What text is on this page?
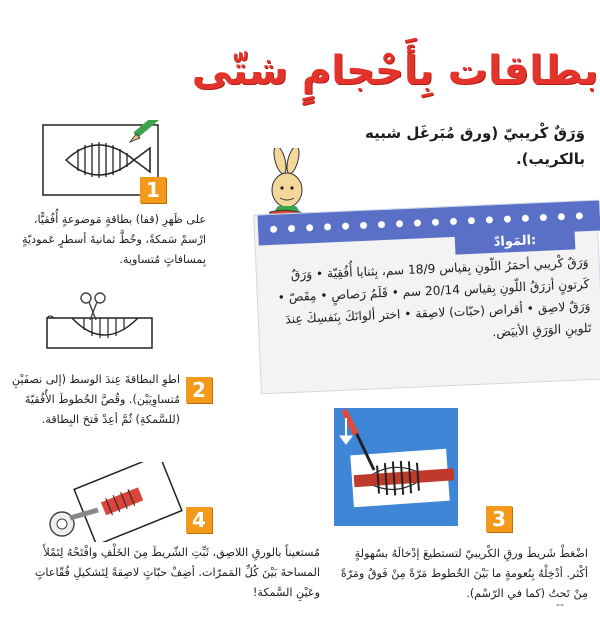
بطاقات بِأَحْجامٍ شتّى
وَرَقٌ كْريبيّ (ورق مُبَرغَل شبيه بالكريب).
1
على ظَهرِ (قفا) بطاقةٍ مَوضوعةٍ أُفُقيًّا، ارْسمْ سَمكةً، وخُطَّ ثمانيةَ أسطرٍ عَموديّةٍ بِمسافاتٍ مُتساوية.
2
اطوِ البطاقةَ عِندَ الوسط (إلى نصفَيْنِ مُتساوِيَيْن). وقُصَّ الخُطوطَ الأُفُقيّةَ (للسَّمكةِ) ثُمَّ أعِدْ فَتحَ البِطاقة.
4
مُستعيناً بالورقِ اللاصِق، ثَبِّتِ الشّريطَ مِنَ الخَلْفِ وافْتَحْهُ لِتَمْلأَ المساحةَ بَيْنَ كُلِّ المَمرّات. أضِفْ حبّاتٍ لاصِقةً لِتَشكيلِ فُقّاعاتٍ وعَيْنِ السَّمكة!
المَوادّ:
وَرَقٌ كْريبي أحمَرُ اللّونِ بِقياس 18/9 سم، بِثنايا أُفُقِيّة • وَرَقٌ كَرتونٍ أزرَقُ اللّونِ بِقياس 20/14 سم • قَلَمُ رَصاصٍ • مِقَصّ • وَرَقٌ لاصِق • أقراص (حبّات) لاصِقة • اختر ألوانَكَ بِنَفسِكَ عِندَ تَلوينِ الوَرَقِ الأبيَض.
3
اضْغطْ شَريطَ ورقِ الكْريبيّ لتستطيعَ إدْخالَهُ بسُهولةٍ أكْثر. أدْخِلْهُ بِنُعومةٍ ما بَيْنَ الخُطوط مَرّةً مِنْ فَوقُ ومَرّةً مِنْ تَحتُ (كما في الرّسْم).
--
